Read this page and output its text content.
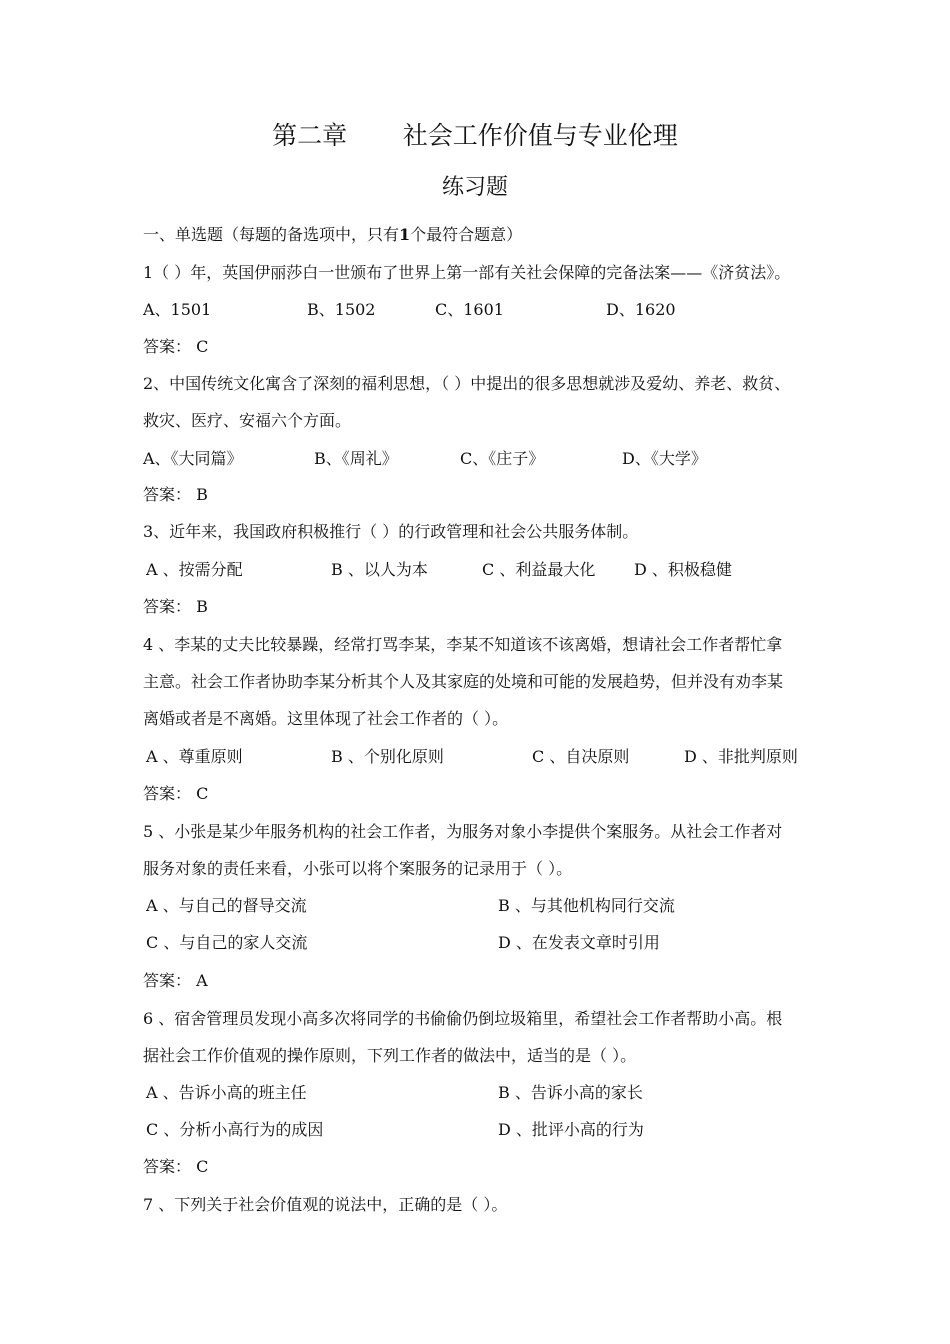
第二章       社会工作价值与专业伦理
练习题
一、单选题（每题的备选项中，只有1个最符合题意）
1（ ）年，英国伊丽莎白一世颁布了世界上第一部有关社会保障的完备法案——《济贫法》。
A、1501	B、1502	C、1601	D、1620
答案： C
2、中国传统文化寓含了深刻的福利思想，（ ）中提出的很多思想就涉及爱幼、养老、救贫、
救灾、医疗、安福六个方面。
A、《大同篇》	B、《周礼》	C、《庄子》	D、《大学》
答案： B
3、近年来，我国政府积极推行（ ）的行政管理和社会公共服务体制。
A 、按需分配	B 、以人为本	C 、利益最大化 D 、积极稳健
答案： B
4 、李某的丈夫比较暴躁，经常打骂李某，李某不知道该不该离婚，想请社会工作者帮忙拿
主意。社会工作者协助李某分析其个人及其家庭的处境和可能的发展趋势，但并没有劝李某
离婚或者是不离婚。这里体现了社会工作者的（ ）。
A 、尊重原则	B 、个别化原则	C 、自决原则	D 、非批判原则
答案： C
5 、小张是某少年服务机构的社会工作者，为服务对象小李提供个案服务。从社会工作者对
服务对象的责任来看，小张可以将个案服务的记录用于（ ）。
A 、与自己的督导交流	B 、与其他机构同行交流
C 、与自己的家人交流	D 、在发表文章时引用
答案： A
6 、宿舍管理员发现小高多次将同学的书偷偷仍倒垃圾箱里，希望社会工作者帮助小高。根
据社会工作价值观的操作原则，下列工作者的做法中，适当的是（ ）。
A 、告诉小高的班主任	B 、告诉小高的家长
C 、分析小高行为的成因	D 、批评小高的行为
答案： C
7 、下列关于社会价值观的说法中，正确的是（ ）。
